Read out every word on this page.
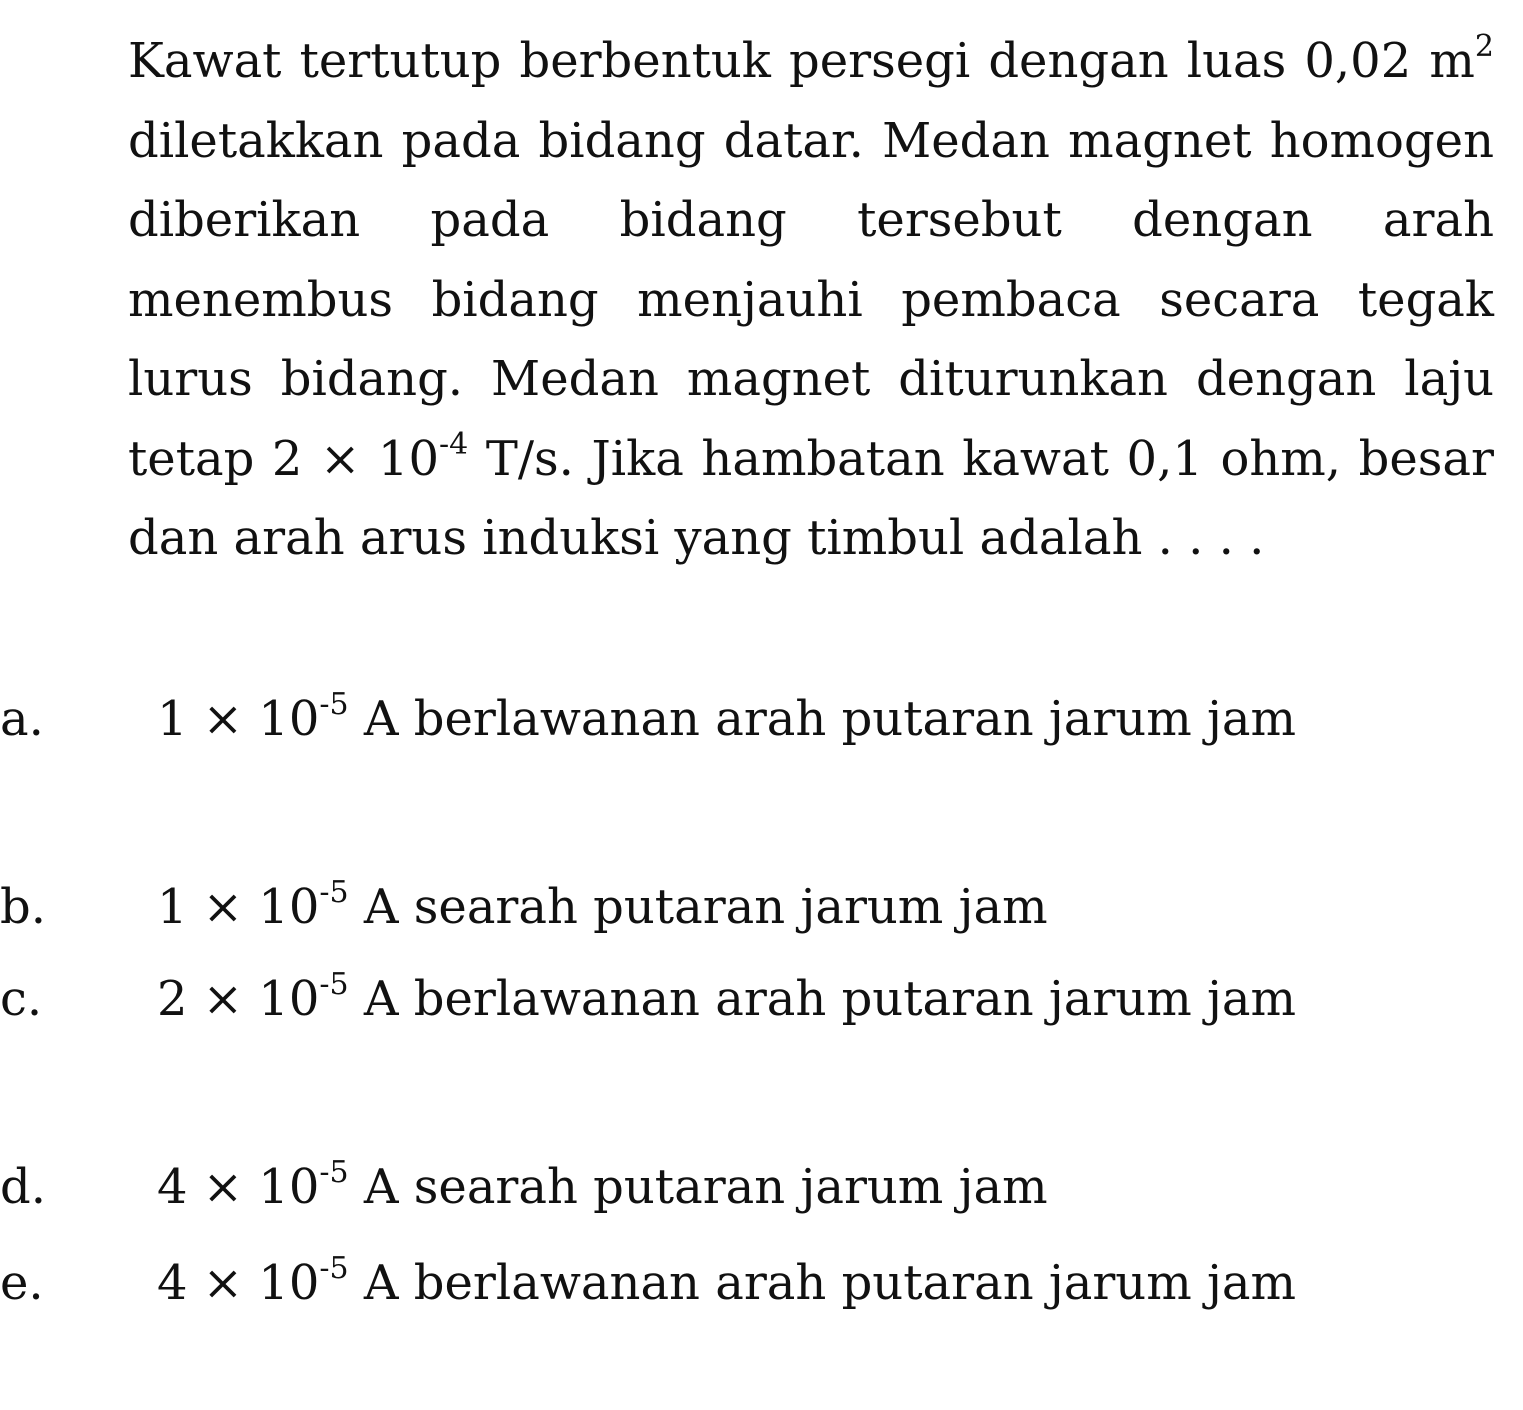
Kawat tertutup berbentuk persegi dengan luas 0,02 $m^2$ diletakkan pada bidang datar. Medan magnet homogen diberikan pada bidang tersebut dengan arah menembus bidang menjauhi pembaca secara tegak lurus bidang. Medan magnet diturunkan dengan laju tetap $2 \times 10^{-4}$ T/s. Jika hambatan kawat 0,1 ohm, besar dan arah arus induksi yang timbul adalah . . . .

a. $1 \times 10^{-5}$ A berlawanan arah putaran jarum jam
b. $1 \times 10^{-5}$ A searah putaran jarum jam
c. $2 \times 10^{-5}$ A berlawanan arah putaran jarum jam
d. $4 \times 10^{-5}$ A searah putaran jarum jam
e. $4 \times 10^{-5}$ A berlawanan arah putaran jarum jam
